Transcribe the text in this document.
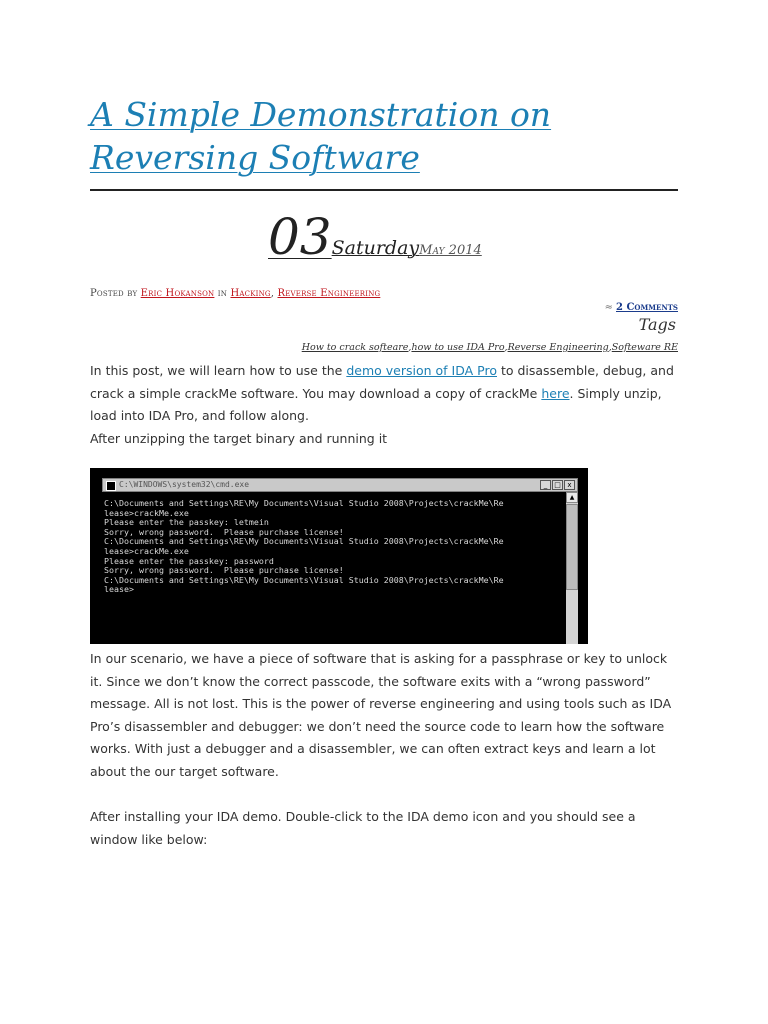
A Simple Demonstration on Reversing Software
03SaturdayMay 2014
Posted by Eric Hokanson in Hacking, Reverse Engineering
≈ 2 Comments
Tags
How to crack softeare,how to use IDA Pro,Reverse Engineering,Softeware RE

In this post, we will learn how to use the demo version of IDA Pro to disassemble, debug, and crack a simple crackMe software. You may download a copy of crackMe here. Simply unzip, load into IDA Pro, and follow along.

After unzipping the target binary and running it

C:\WINDOWS\system32\cmd.exe	_ □ x
C:\Documents and Settings\RE\My Documents\Visual Studio 2008\Projects\crackMe\Re
lease>crackMe.exe
Please enter the passkey: letmein
Sorry, wrong password.  Please purchase license!
C:\Documents and Settings\RE\My Documents\Visual Studio 2008\Projects\crackMe\Re
lease>crackMe.exe
Please enter the passkey: password
Sorry, wrong password.  Please purchase license!
C:\Documents and Settings\RE\My Documents\Visual Studio 2008\Projects\crackMe\Re
lease>
▲

In our scenario, we have a piece of software that is asking for a passphrase or key to unlock it. Since we don’t know the correct passcode, the software exits with a “wrong password” message. All is not lost. This is the power of reverse engineering and using tools such as IDA Pro’s disassembler and debugger: we don’t need the source code to learn how the software works. With just a debugger and a disassembler, we can often extract keys and learn a lot about the our target software.

After installing your IDA demo. Double-click to the IDA demo icon and you should see a window like below:
